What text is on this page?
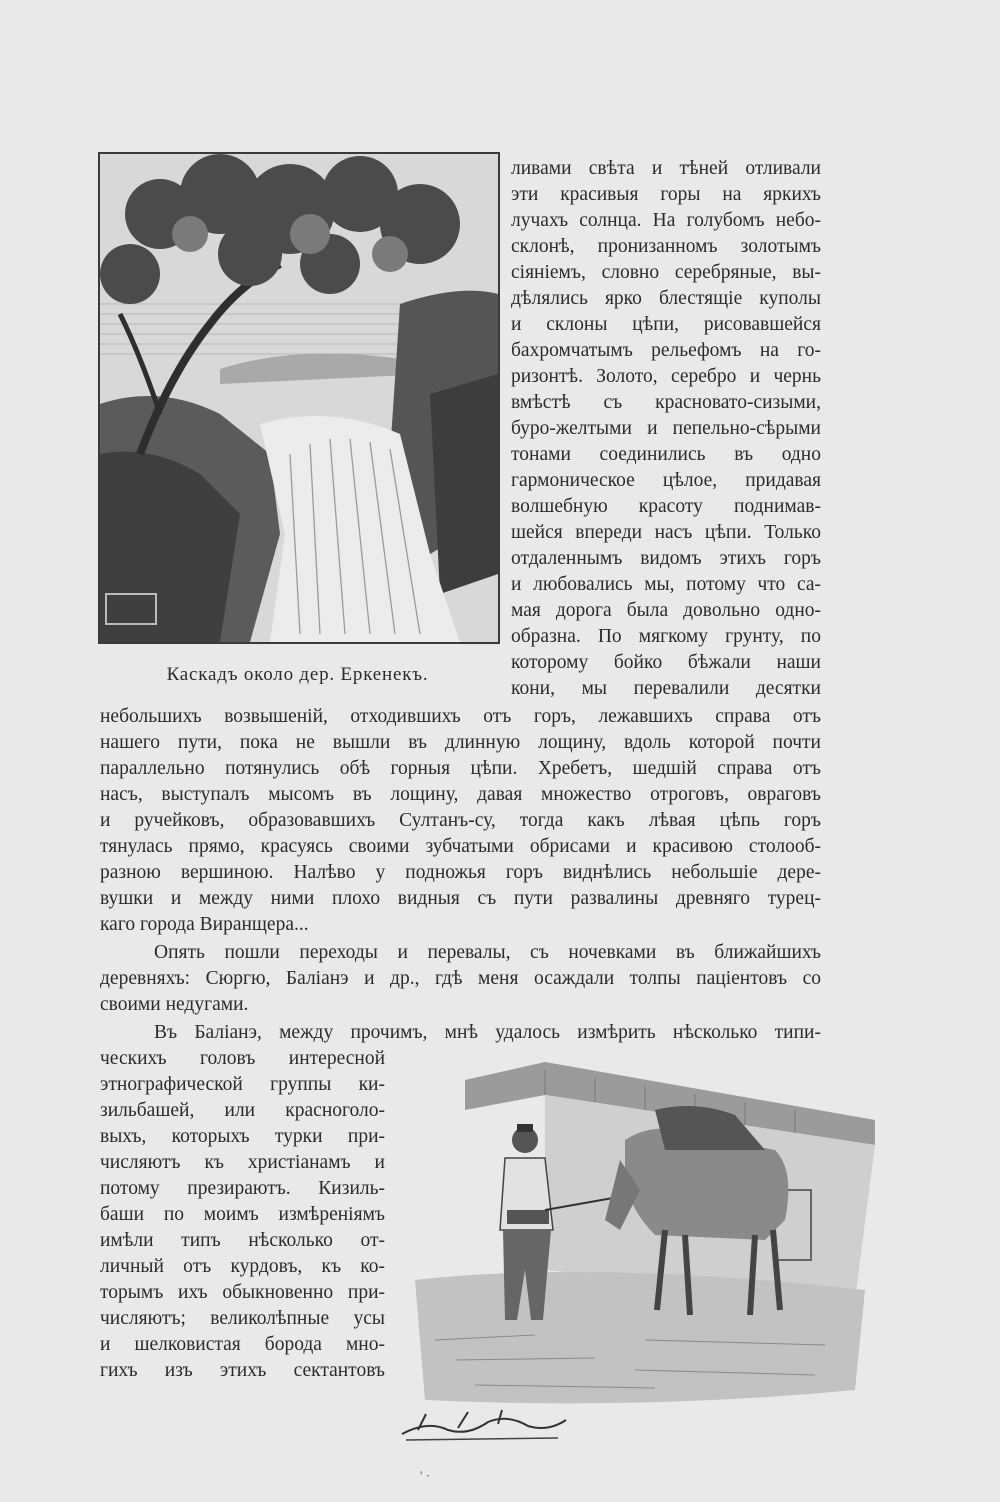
Каскадъ около дер. Еркенекъ.
ливами свѣта и тѣней отливали
эти красивыя горы на яркихъ
лучахъ солнца. На голубомъ небо-
склонѣ, пронизанномъ золотымъ
сіяніемъ, словно серебряные, вы-
дѣлялись ярко блестящіе куполы
и склоны цѣпи, рисовавшейся
бахромчатымъ рельефомъ на го-
ризонтѣ. Золото, серебро и чернь
вмѣстѣ съ красновато-сизыми,
буро-желтыми и пепельно-сѣрыми
тонами соединились въ одно
гармоническое цѣлое, придавая
волшебную красоту поднимав-
шейся впереди насъ цѣпи. Только
отдаленнымъ видомъ этихъ горъ
и любовались мы, потому что са-
мая дорога была довольно одно-
образна. По мягкому грунту, по
которому бойко бѣжали наши
кони, мы перевалили десятки
небольшихъ возвышеній, отходившихъ отъ горъ, лежавшихъ справа отъ
нашего пути, пока не вышли въ длинную лощину, вдоль которой почти
параллельно потянулись обѣ горныя цѣпи. Хребетъ, шедшій справа отъ
насъ, выступалъ мысомъ въ лощину, давая множество отроговъ, овраговъ
и ручейковъ, образовавшихъ Султанъ-су, тогда какъ лѣвая цѣпь горъ
тянулась прямо, красуясь своими зубчатыми обрисами и красивою столооб-
разною вершиною. Налѣво у подножья горъ виднѣлись небольшіе дере-
вушки и между ними плохо видныя съ пути развалины древняго турец-
каго города Виранщера...
Опять пошли переходы и перевалы, съ ночевками въ ближайшихъ
деревняхъ: Сюргю, Баліанэ и др., гдѣ меня осаждали толпы паціентовъ со
своими недугами.
Въ Баліанэ, между прочимъ, мнѣ удалось измѣрить нѣсколько типи-
ческихъ головъ интересной
этнографической группы ки-
зильбашей, или красноголо-
выхъ, которыхъ турки при-
числяютъ къ христіанамъ и
потому презираютъ. Кизиль-
баши по моимъ измѣреніямъ
имѣли типъ нѣсколько от-
личный отъ курдовъ, къ ко-
торымъ ихъ обыкновенно при-
числяютъ; великолѣпные усы
и шелковистая борода мно-
гихъ изъ этихъ сектантовъ
' ·
